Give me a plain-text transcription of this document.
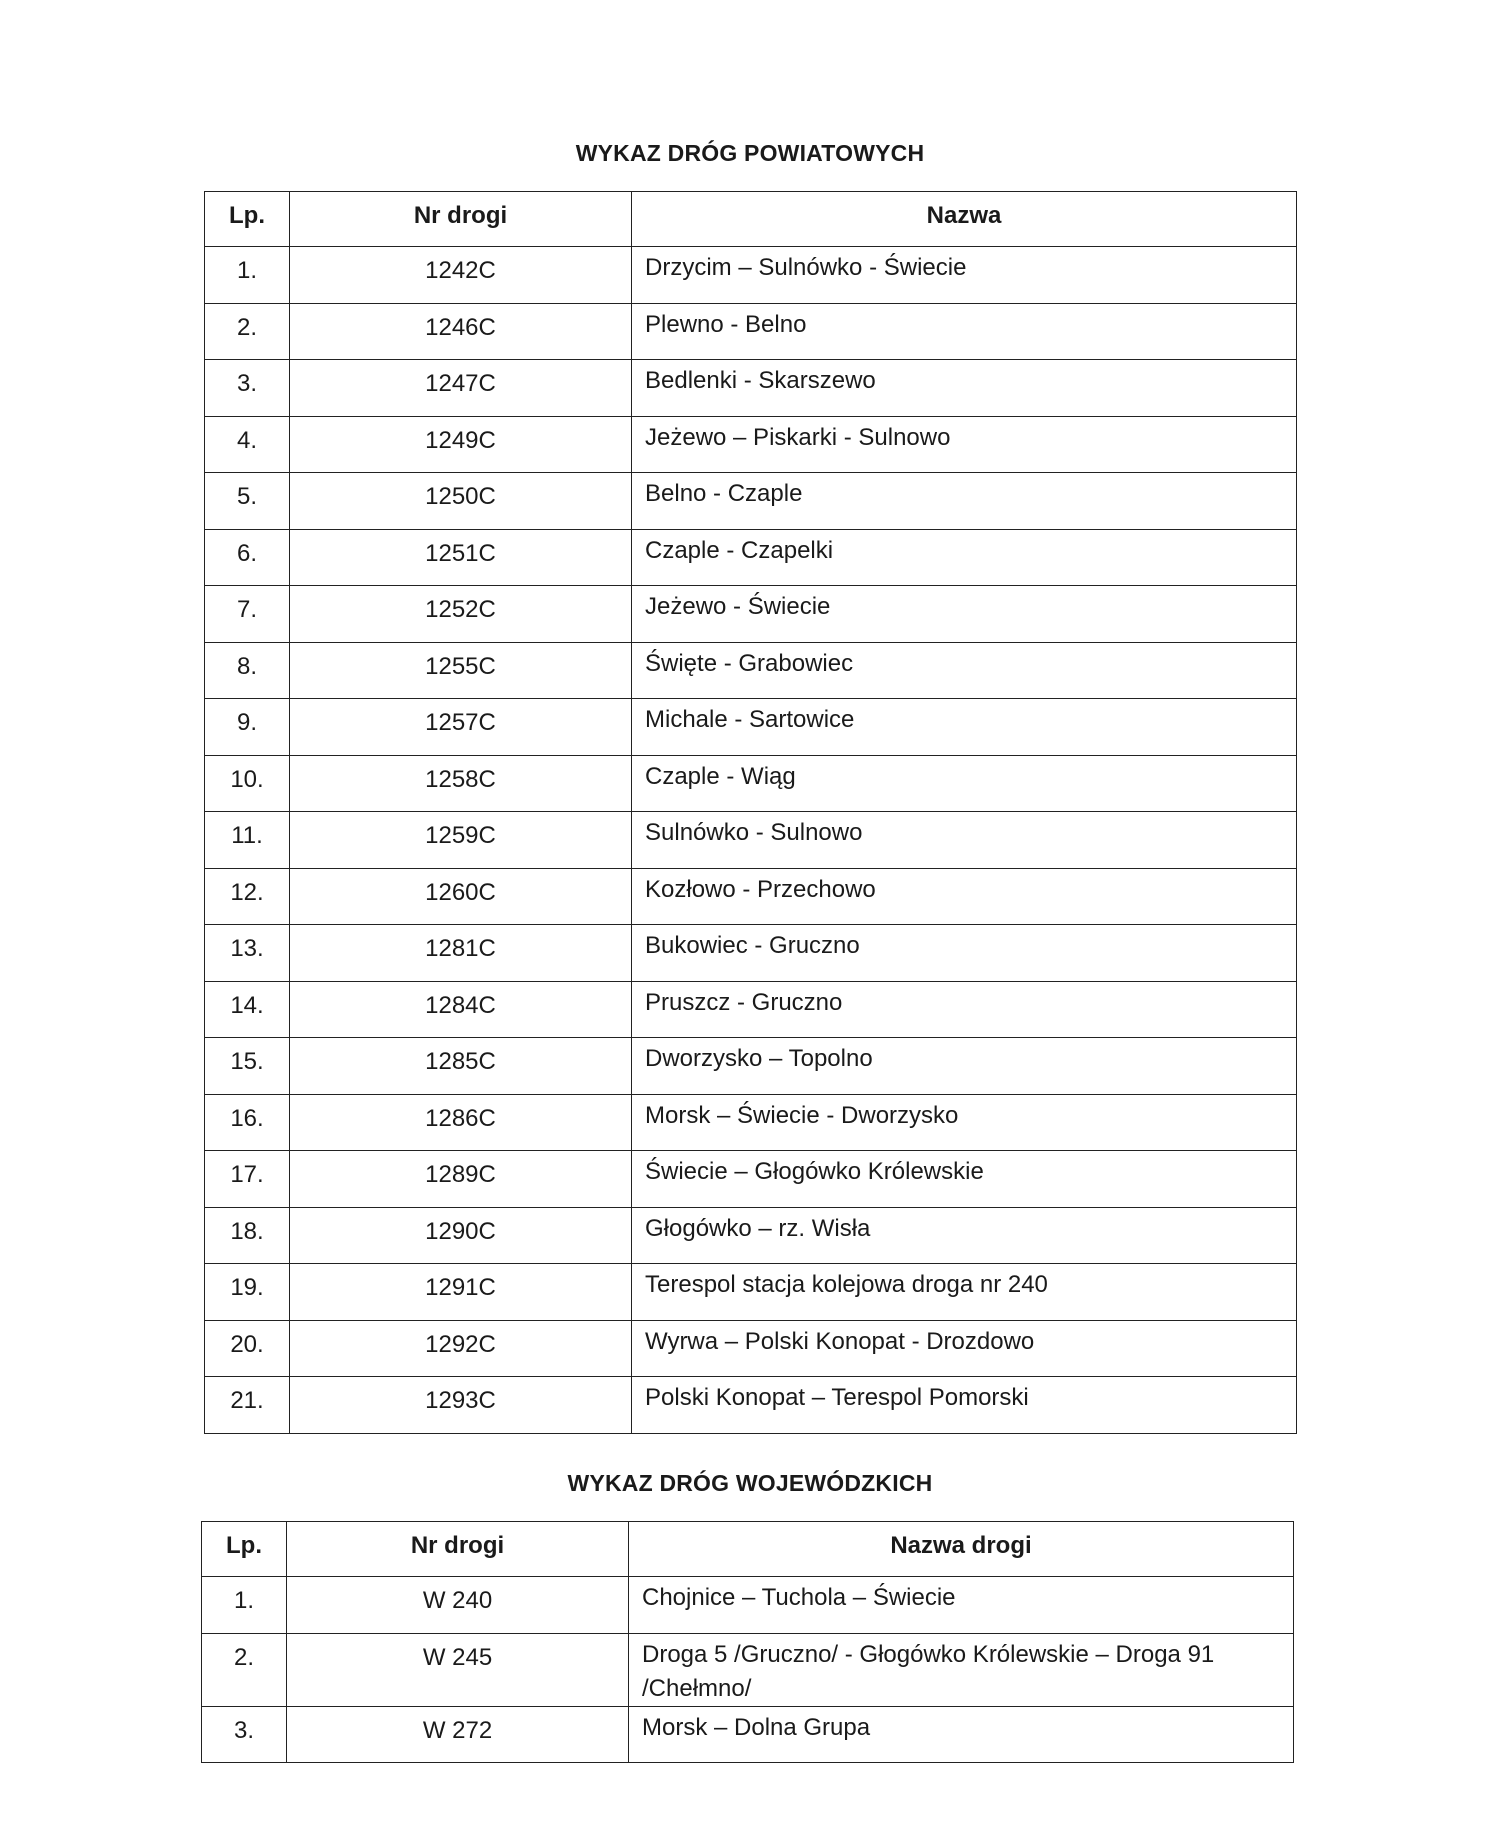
WYKAZ DRÓG POWIATOWYCH
Lp.	Nr drogi	Nazwa
1.	1242C	Drzycim – Sulnówko - Świecie
2.	1246C	Plewno - Belno
3.	1247C	Bedlenki - Skarszewo
4.	1249C	Jeżewo – Piskarki - Sulnowo
5.	1250C	Belno - Czaple
6.	1251C	Czaple - Czapelki
7.	1252C	Jeżewo - Świecie
8.	1255C	Święte - Grabowiec
9.	1257C	Michale - Sartowice
10.	1258C	Czaple - Wiąg
11.	1259C	Sulnówko - Sulnowo
12.	1260C	Kozłowo - Przechowo
13.	1281C	Bukowiec - Gruczno
14.	1284C	Pruszcz - Gruczno
15.	1285C	Dworzysko – Topolno
16.	1286C	Morsk – Świecie - Dworzysko
17.	1289C	Świecie – Głogówko Królewskie
18.	1290C	Głogówko – rz. Wisła
19.	1291C	Terespol stacja kolejowa droga nr 240
20.	1292C	Wyrwa – Polski Konopat - Drozdowo
21.	1293C	Polski Konopat – Terespol Pomorski
WYKAZ DRÓG WOJEWÓDZKICH
Lp.	Nr drogi	Nazwa drogi
1.	W 240	Chojnice – Tuchola – Świecie
2.	W 245	Droga 5 /Gruczno/ - Głogówko Królewskie – Droga 91 /Chełmno/
3.	W 272	Morsk – Dolna Grupa
